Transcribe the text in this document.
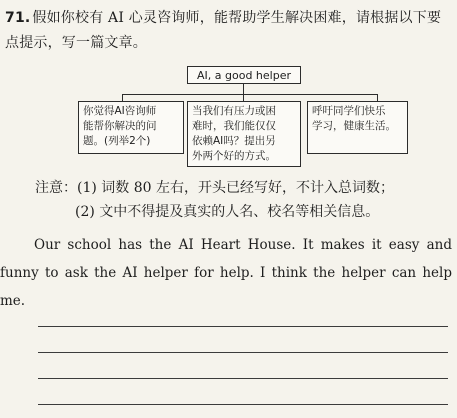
71. 假如你校有 AI 心灵咨询师，能帮助学生解决困难，请根据以下要点提示，写一篇文章。
AI, a good helper
你觉得AI咨询师
能帮你解决的问
题。(列举2个)
当我们有压力或困
难时，我们能仅仅
依赖AI吗？提出另
外两个好的方式。
呼吁同学们快乐
学习，健康生活。
注意：(1) 词数 80 左右，开头已经写好，不计入总词数；
(2) 文中不得提及真实的人名、校名等相关信息。
Our school has the AI Heart House. It makes it easy and funny to ask the AI helper for help. I think the helper can help me.
